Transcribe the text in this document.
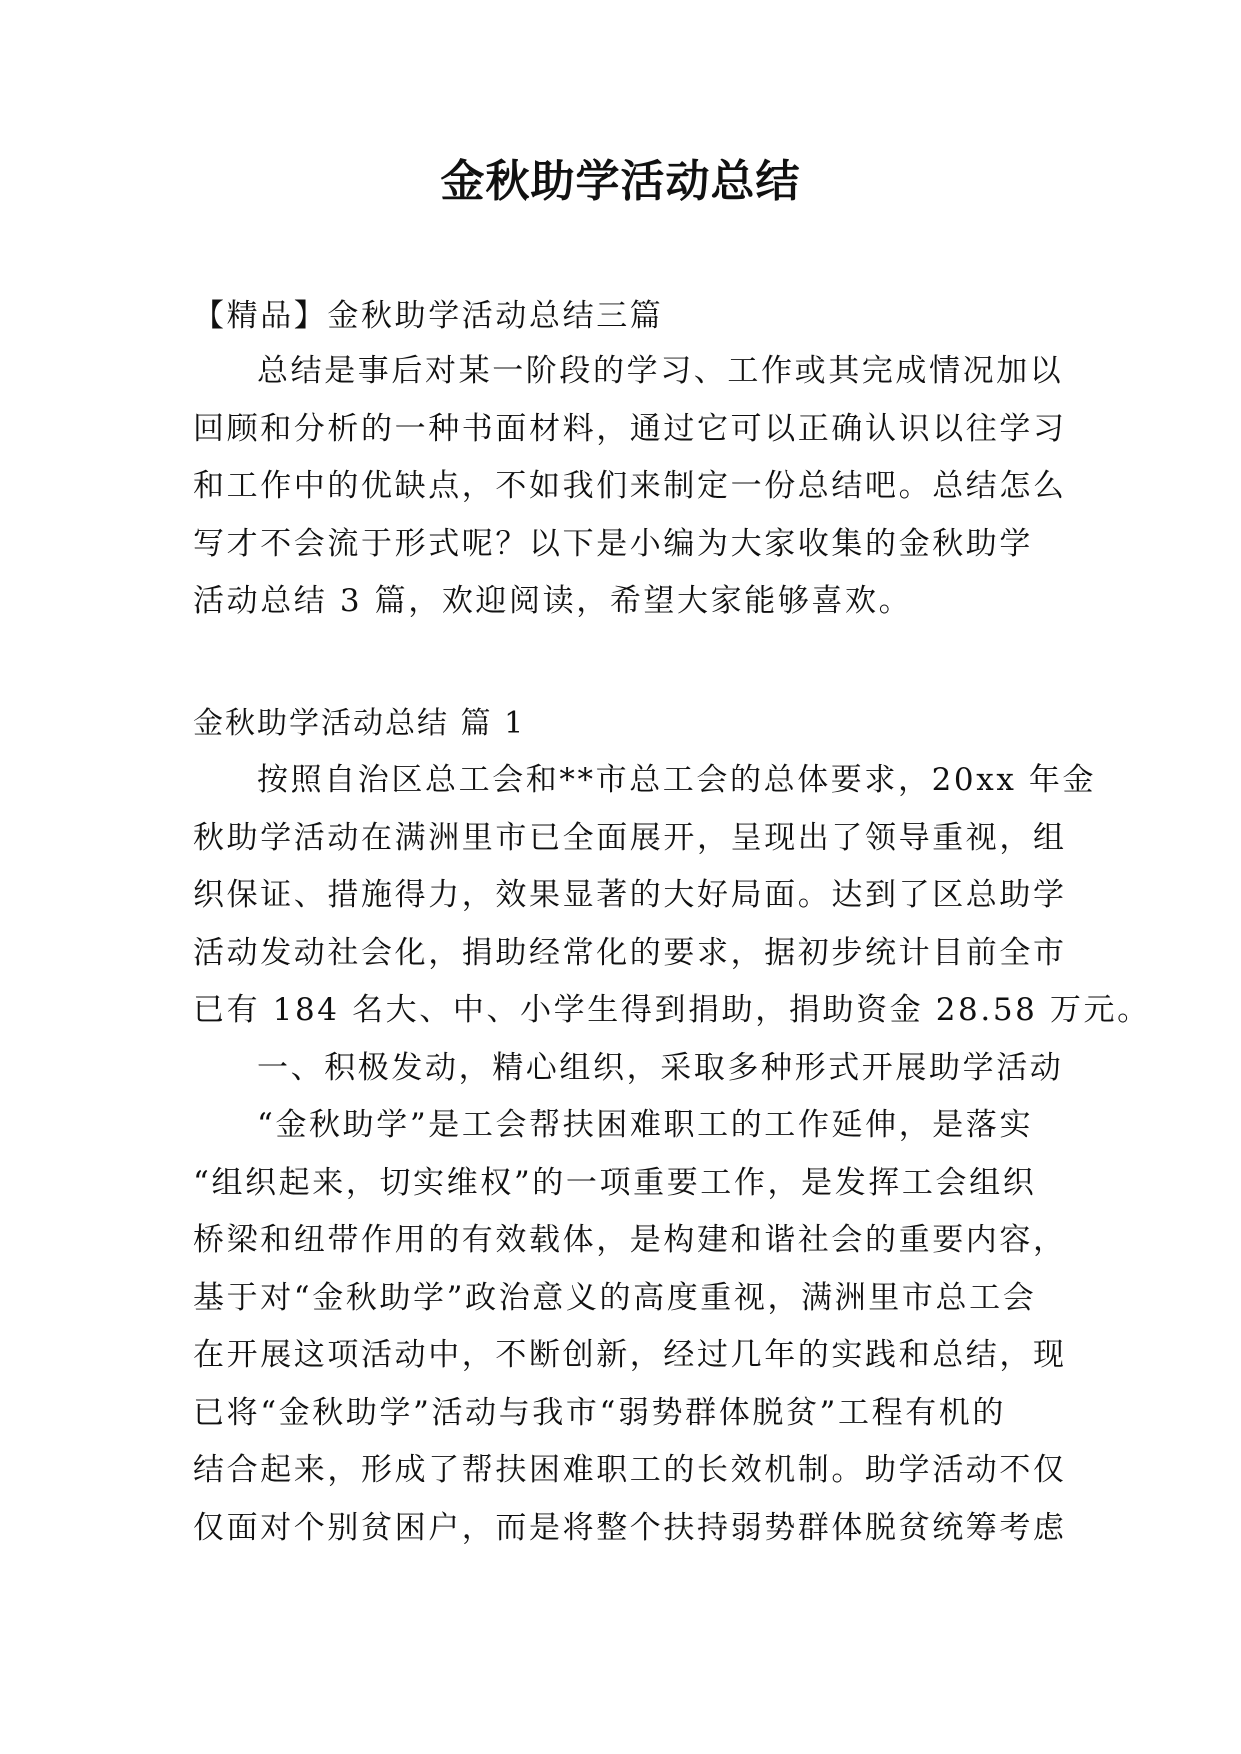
金秋助学活动总结

【精品】金秋助学活动总结三篇

总结是事后对某一阶段的学习、工作或其完成情况加以
回顾和分析的一种书面材料，通过它可以正确认识以往学习
和工作中的优缺点，不如我们来制定一份总结吧。总结怎么
写才不会流于形式呢？以下是小编为大家收集的金秋助学
活动总结 3 篇，欢迎阅读，希望大家能够喜欢。

金秋助学活动总结 篇 1

按照自治区总工会和**市总工会的总体要求，20xx 年金
秋助学活动在满洲里市已全面展开，呈现出了领导重视，组
织保证、措施得力，效果显著的大好局面。达到了区总助学
活动发动社会化，捐助经常化的要求，据初步统计目前全市
已有 184 名大、中、小学生得到捐助，捐助资金 28.58 万元。
一、积极发动，精心组织，采取多种形式开展助学活动
“金秋助学”是工会帮扶困难职工的工作延伸，是落实
“组织起来，切实维权”的一项重要工作，是发挥工会组织
桥梁和纽带作用的有效载体，是构建和谐社会的重要内容，
基于对“金秋助学”政治意义的高度重视，满洲里市总工会
在开展这项活动中，不断创新，经过几年的实践和总结，现
已将“金秋助学”活动与我市“弱势群体脱贫”工程有机的
结合起来，形成了帮扶困难职工的长效机制。助学活动不仅
仅面对个别贫困户，而是将整个扶持弱势群体脱贫统筹考虑
